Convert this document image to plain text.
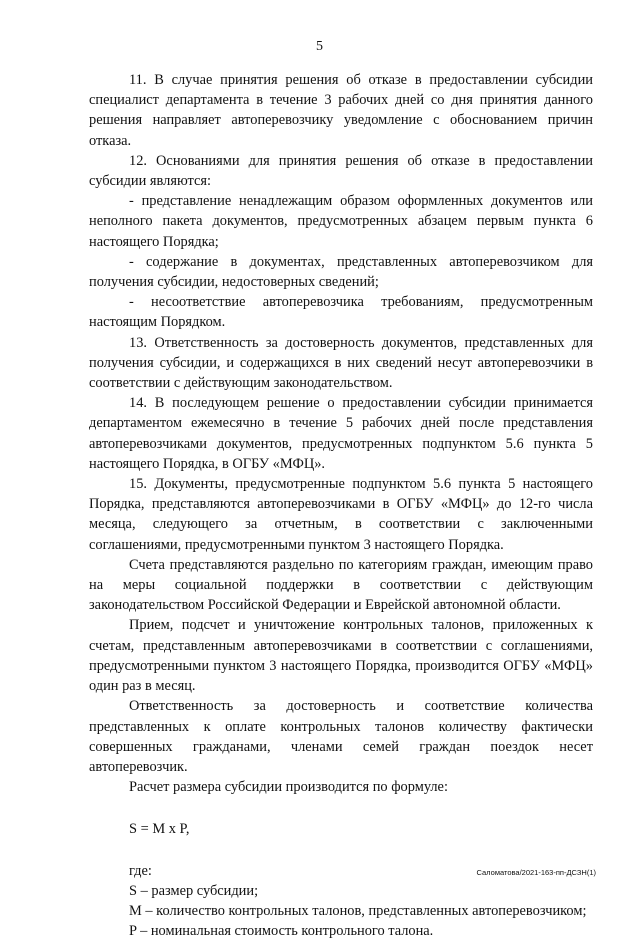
5

11. В случае принятия решения об отказе в предоставлении субсидии специалист департамента в течение 3 рабочих дней со дня принятия данного решения направляет автоперевозчику уведомление с обоснованием причин отказа.

12. Основаниями для принятия решения об отказе в предоставлении субсидии являются:

- представление ненадлежащим образом оформленных документов или неполного пакета документов, предусмотренных абзацем первым пункта 6 настоящего Порядка;

- содержание в документах, представленных автоперевозчиком для получения субсидии, недостоверных сведений;

- несоответствие автоперевозчика требованиям, предусмотренным настоящим Порядком.

13. Ответственность за достоверность документов, представленных для получения субсидии, и содержащихся в них сведений несут автоперевозчики в соответствии с действующим законодательством.

14. В последующем решение о предоставлении субсидии принимается департаментом ежемесячно в течение 5 рабочих дней после представления автоперевозчиками документов, предусмотренных подпунктом 5.6 пункта 5 настоящего Порядка, в ОГБУ «МФЦ».

15. Документы, предусмотренные подпунктом 5.6 пункта 5 настоящего Порядка, представляются автоперевозчиками в ОГБУ «МФЦ» до 12-го числа месяца, следующего за отчетным, в соответствии с заключенными соглашениями, предусмотренными пунктом 3 настоящего Порядка.

Счета представляются раздельно по категориям граждан, имеющим право на меры социальной поддержки в соответствии с действующим законодательством Российской Федерации и Еврейской автономной области.

Прием, подсчет и уничтожение контрольных талонов, приложенных к счетам, представленным автоперевозчиками в соответствии с соглашениями, предусмотренными пунктом 3 настоящего Порядка, производится ОГБУ «МФЦ» один раз в месяц.

Ответственность за достоверность и соответствие количества представленных к оплате контрольных талонов количеству фактически совершенных гражданами, членами семей граждан поездок несет автоперевозчик.

Расчет размера субсидии производится по формуле:

S = M x P,

где:

S – размер субсидии;

M – количество контрольных талонов, представленных автоперевозчиком;

P – номинальная стоимость контрольного талона.

Саломатова/2021-163-пп-ДСЗН(1)
